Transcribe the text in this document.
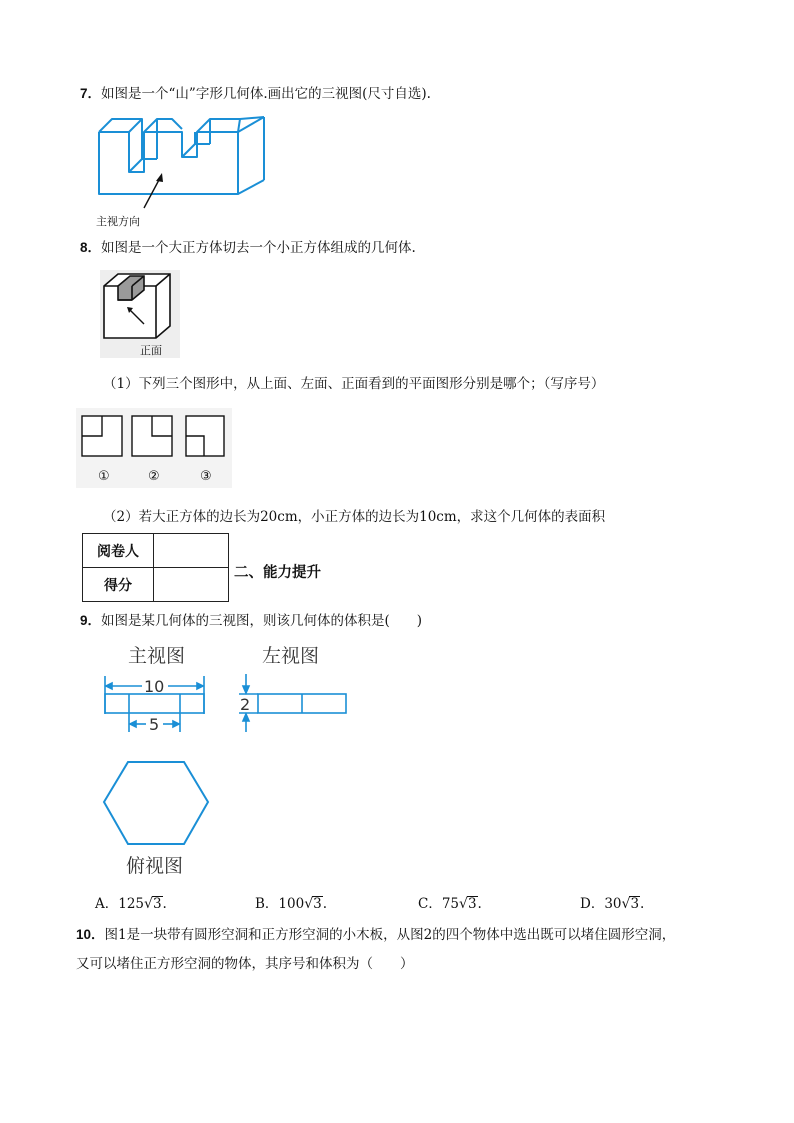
7．如图是一个“山”字形几何体.画出它的三视图(尺寸自选).
主视方向
8．如图是一个大正方体切去一个小正方体组成的几何体.
正面
（1）下列三个图形中，从上面、左面、正面看到的平面图形分别是哪个；（写序号）
①	②	③
（2）若大正方体的边长为20cm，小正方体的边长为10cm，求这个几何体的表面积
阅卷人	
得分	
二、能力提升
9．如图是某几何体的三视图，则该几何体的体积是(　　)
主视图
10
5
左视图
2
俯视图
A．125√3.	B．100√3.	C．75√3.	D．30√3.
10．图1是一块带有圆形空洞和正方形空洞的小木板，从图2的四个物体中选出既可以堵住圆形空洞，
又可以堵住正方形空洞的物体，其序号和体积为（　　）
